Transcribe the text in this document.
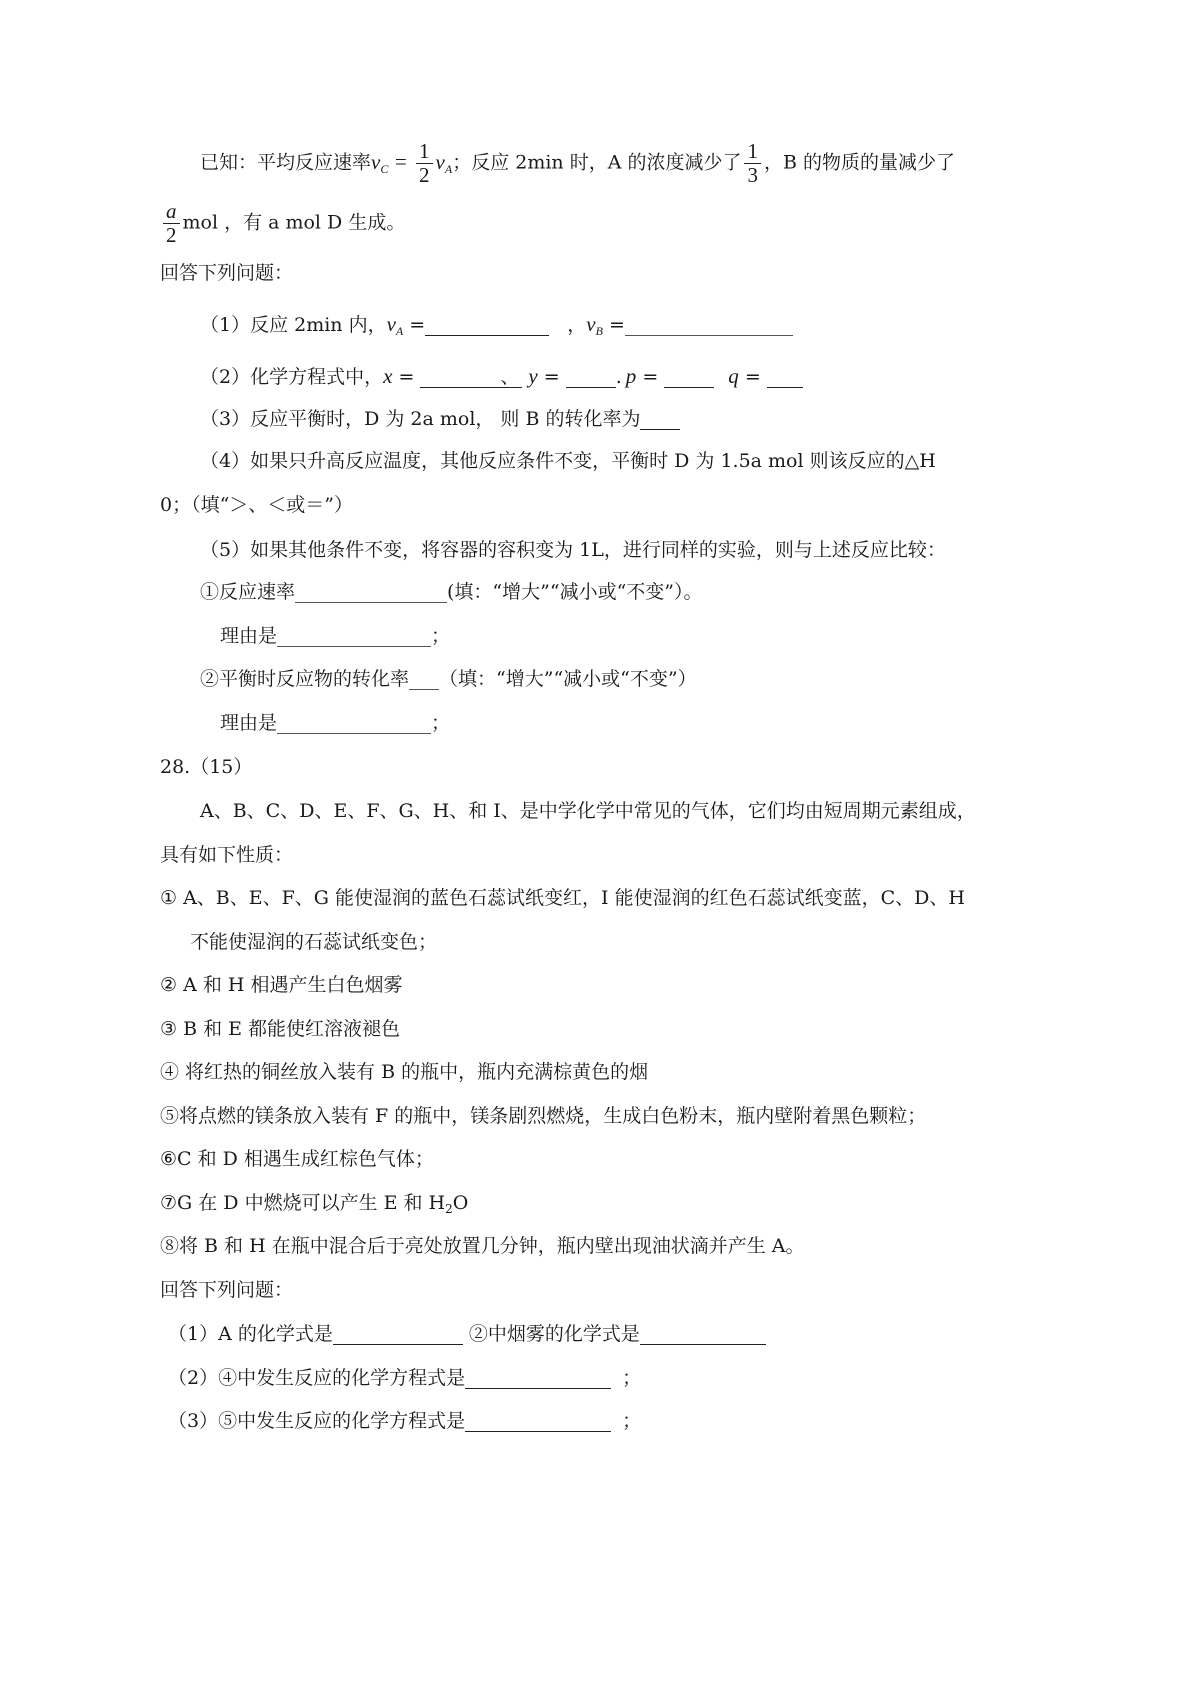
已知：平均反应速率$v_C = \frac{1}{2} v_A$；反应 2min 时，A 的浓度减少了 $\frac{1}{3}$ ，B 的物质的量减少了
$\frac{a}{2}$ mol ，有 a mol D 生成。
回答下列问题：
（1）反应 2min 内，$v_A$ =	，$v_B$ =
（2）化学方程式中，x =	、 y =	. p =	q =
（3）反应平衡时，D 为 2a mol， 则 B 的转化率为
（4）如果只升高反应温度，其他反应条件不变，平衡时 D 为 1.5a mol 则该反应的△H
0；（填“＞、＜或＝”）
（5）如果其他条件不变，将容器的容积变为 1L，进行同样的实验，则与上述反应比较：
①反应速率	(填：“增大”“减小或“不变”）。
理由是	；
②平衡时反应物的转化率 （填：“增大”“减小或“不变”）
理由是	；
28.（15）
A、B、C、D、E、F、G、H、和 I、是中学化学中常见的气体，它们均由短周期元素组成，
具有如下性质：
① A、B、E、F、G 能使湿润的蓝色石蕊试纸变红，I 能使湿润的红色石蕊试纸变蓝，C、D、H
不能使湿润的石蕊试纸变色；
② A 和 H 相遇产生白色烟雾
③ B 和 E 都能使红溶液褪色
④ 将红热的铜丝放入装有 B 的瓶中，瓶内充满棕黄色的烟
⑤将点燃的镁条放入装有 F 的瓶中，镁条剧烈燃烧，生成白色粉末，瓶内壁附着黑色颗粒；
⑥C 和 D 相遇生成红棕色气体；
⑦G 在 D 中燃烧可以产生 E 和 $H_2O$
⑧将 B 和 H 在瓶中混合后于亮处放置几分钟，瓶内壁出现油状滴并产生 A。
回答下列问题：
（1）A 的化学式是	②中烟雾的化学式是
（2）④中发生反应的化学方程式是	；
（3）⑤中发生反应的化学方程式是	；
